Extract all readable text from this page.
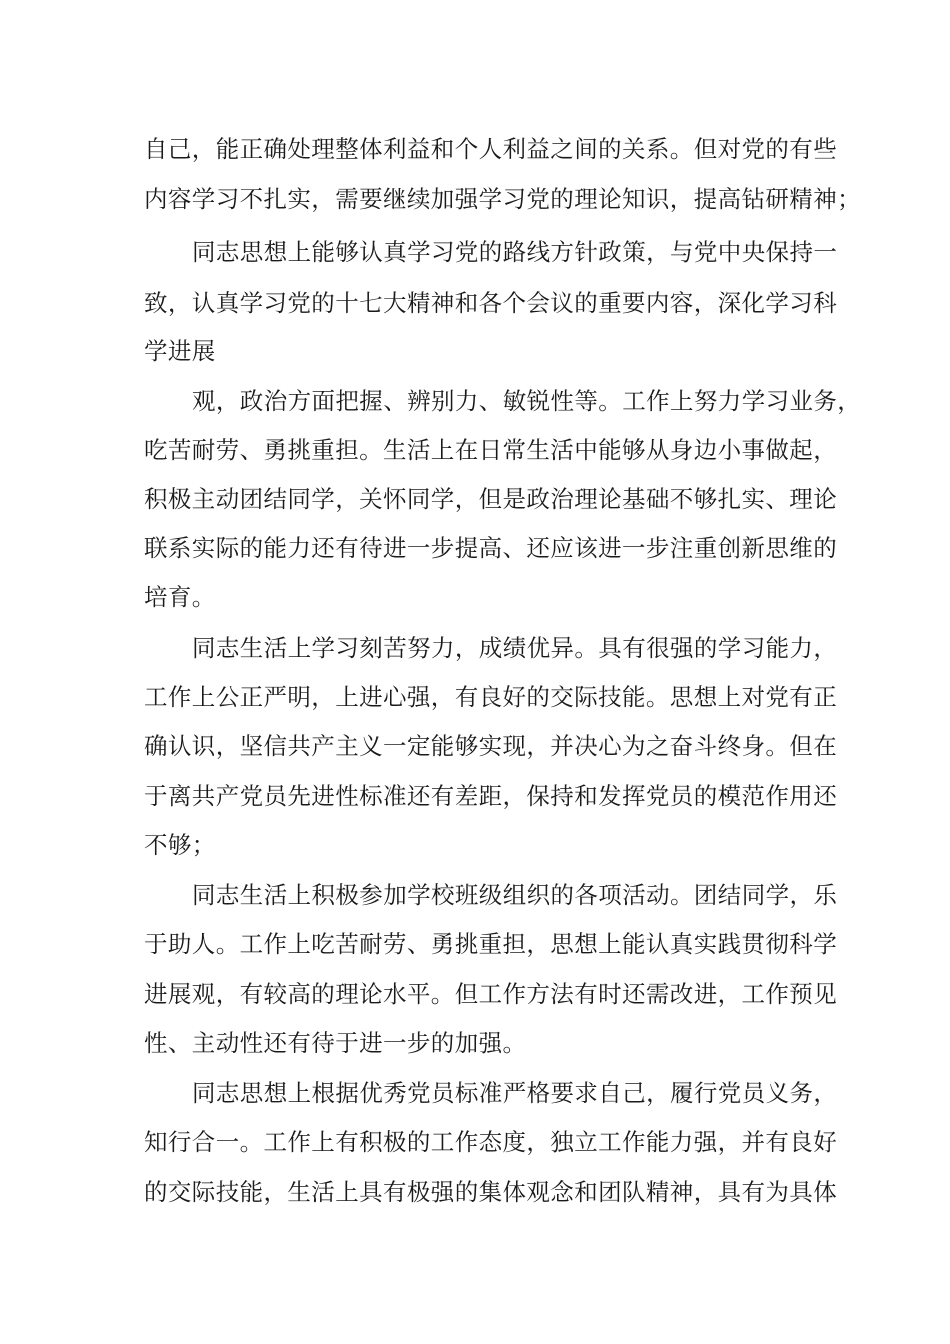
自己，能正确处理整体利益和个人利益之间的关系。但对党的有些
内容学习不扎实，需要继续加强学习党的理论知识，提高钻研精神；
同志思想上能够认真学习党的路线方针政策，与党中央保持一
致，认真学习党的十七大精神和各个会议的重要内容，深化学习科
学进展
观，政治方面把握、辨别力、敏锐性等。工作上努力学习业务，
吃苦耐劳、勇挑重担。生活上在日常生活中能够从身边小事做起，
积极主动团结同学，关怀同学，但是政治理论基础不够扎实、理论
联系实际的能力还有待进一步提高、还应该进一步注重创新思维的
培育。
同志生活上学习刻苦努力，成绩优异。具有很强的学习能力，
工作上公正严明，上进心强，有良好的交际技能。思想上对党有正
确认识，坚信共产主义一定能够实现，并决心为之奋斗终身。但在
于离共产党员先进性标准还有差距，保持和发挥党员的模范作用还
不够；
同志生活上积极参加学校班级组织的各项活动。团结同学，乐
于助人。工作上吃苦耐劳、勇挑重担，思想上能认真实践贯彻科学
进展观，有较高的理论水平。但工作方法有时还需改进，工作预见
性、主动性还有待于进一步的加强。
同志思想上根据优秀党员标准严格要求自己，履行党员义务，
知行合一。工作上有积极的工作态度，独立工作能力强，并有良好
的交际技能，生活上具有极强的集体观念和团队精神，具有为具体
